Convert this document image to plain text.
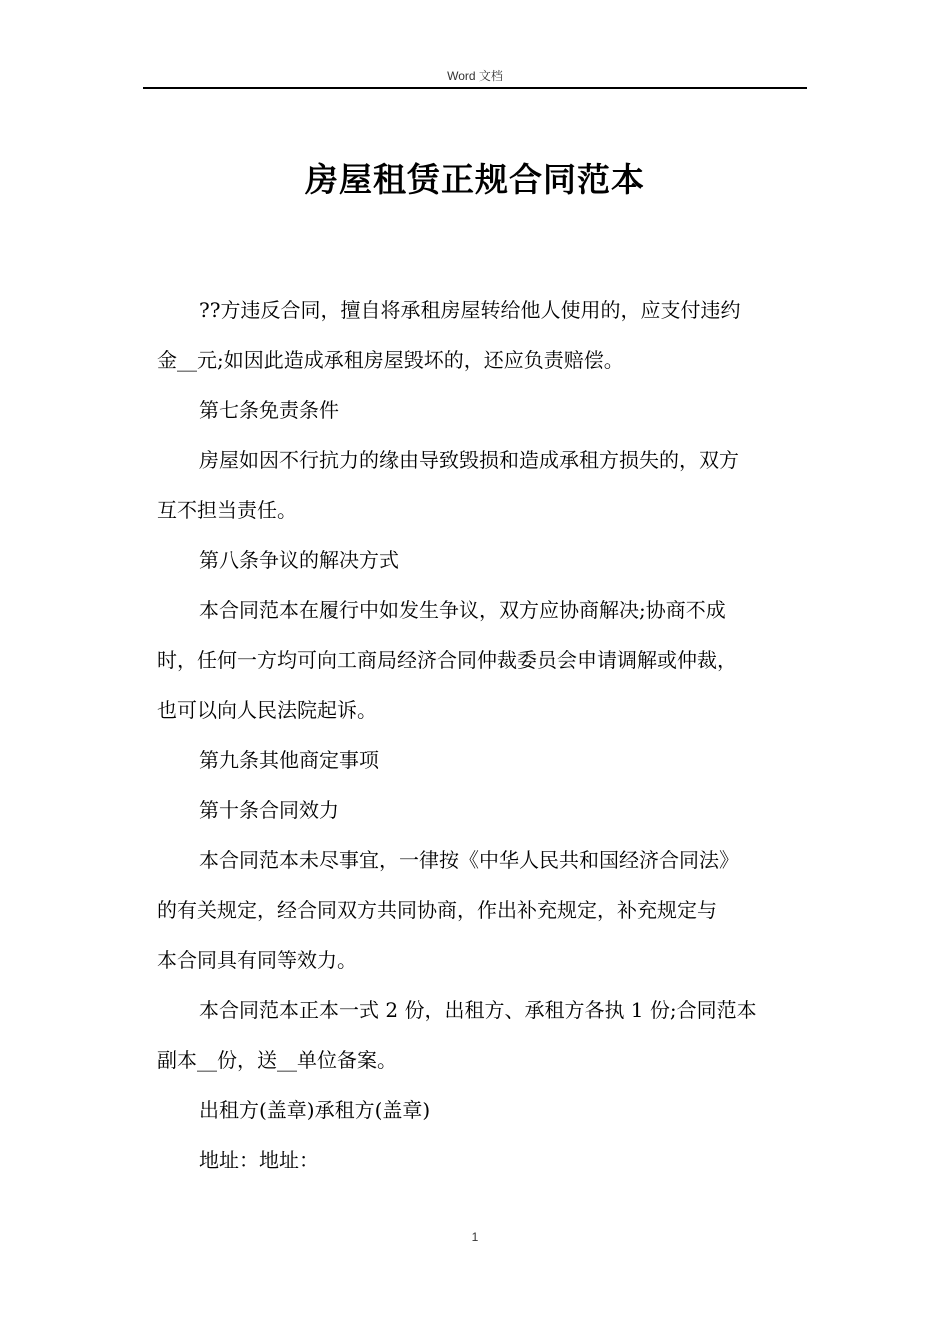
Word 文档
房屋租赁正规合同范本

??方违反合同，擅自将承租房屋转给他人使用的，应支付违约
金__元;如因此造成承租房屋毁坏的，还应负责赔偿。

第七条免责条件

房屋如因不行抗力的缘由导致毁损和造成承租方损失的，双方
互不担当责任。

第八条争议的解决方式

本合同范本在履行中如发生争议，双方应协商解决;协商不成
时，任何一方均可向工商局经济合同仲裁委员会申请调解或仲裁，
也可以向人民法院起诉。

第九条其他商定事项

第十条合同效力

本合同范本未尽事宜，一律按《中华人民共和国经济合同法》
的有关规定，经合同双方共同协商，作出补充规定，补充规定与
本合同具有同等效力。

本合同范本正本一式 2 份，出租方、承租方各执 1 份;合同范本
副本__份，送__单位备案。

出租方(盖章)承租方(盖章)

地址：地址：

1
